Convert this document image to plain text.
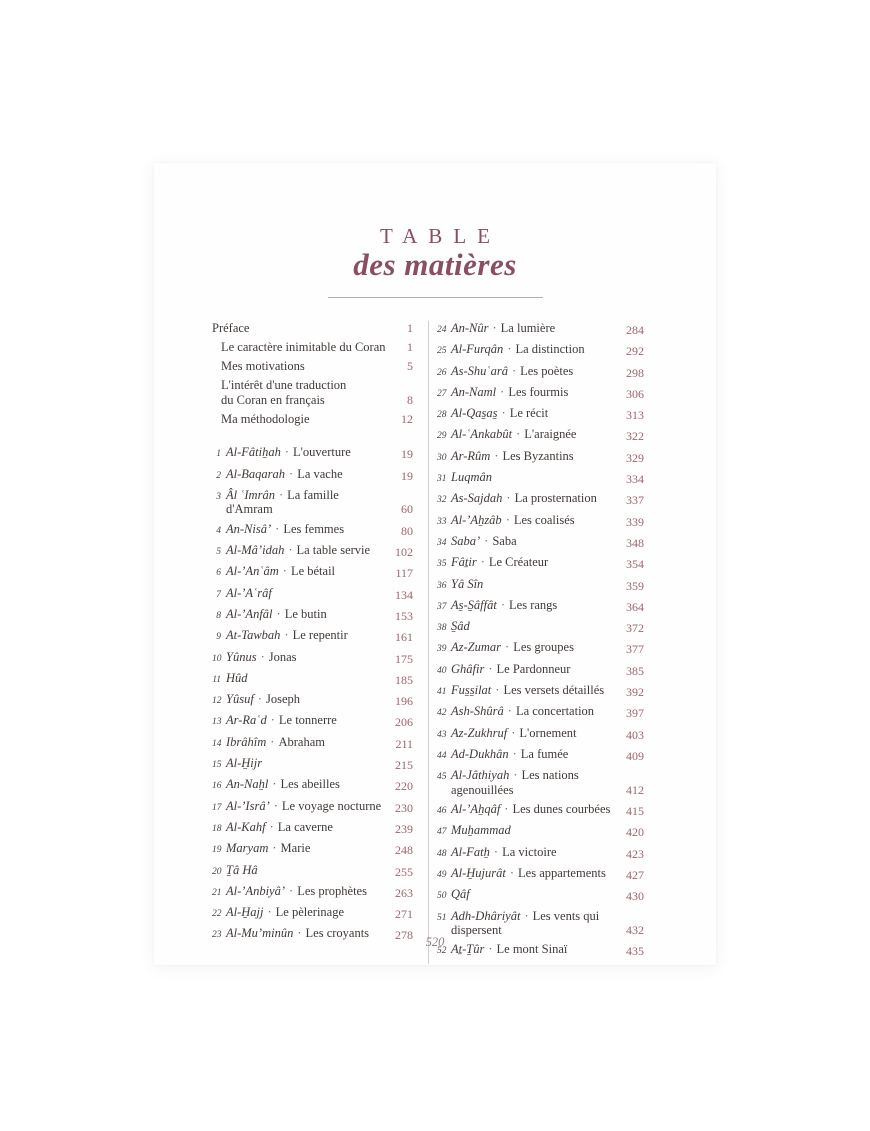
TABLE
des matières
Préface	1
Le caractère inimitable du Coran	1
Mes motivations	5
L'intérêt d'une traduction
du Coran en français	8
Ma méthodologie	12
1 Al-Fâtiẖah · L'ouverture	19
2 Al-Baqarah · La vache	19
3 Âl ʿImrân · La famille
d'Amram	60
4 An-Nisâ’ · Les femmes	80
5 Al-Mâ’idah · La table servie	102
6 Al-’Anʿâm · Le bétail	117
7 Al-’Aʿrâf	134
8 Al-’Anfâl · Le butin	153
9 At-Tawbah · Le repentir	161
10 Yûnus · Jonas	175
11 Hûd	185
12 Yûsuf · Joseph	196
13 Ar-Raʿd · Le tonnerre	206
14 Ibrâhîm · Abraham	211
15 Al-H̱ijr	215
16 An-Naẖl · Les abeilles	220
17 Al-’Isrâ’ · Le voyage nocturne	230
18 Al-Kahf · La caverne	239
19 Maryam · Marie	248
20 Ṯâ Hâ	255
21 Al-’Anbiyâ’ · Les prophètes	263
22 Al-H̱ajj · Le pèlerinage	271
23 Al-Mu’minûn · Les croyants	278
24 An-Nûr · La lumière	284
25 Al-Furqân · La distinction	292
26 As-Shuʿarâ · Les poètes	298
27 An-Naml · Les fourmis	306
28 Al-Qas̱as̱ · Le récit	313
29 Al-ʿAnkabût · L'araignée	322
30 Ar-Rûm · Les Byzantins	329
31 Luqmân	334
32 As-Sajdah · La prosternation	337
33 Al-’Aẖzâb · Les coalisés	339
34 Saba’ · Saba	348
35 Fâṯir · Le Créateur	354
36 Yâ Sîn	359
37 As̱-S̱âffât · Les rangs	364
38 S̱âd	372
39 Az-Zumar · Les groupes	377
40 Ghâfir · Le Pardonneur	385
41 Fus̱s̱ilat · Les versets détaillés	392
42 Ash-Shûrâ · La concertation	397
43 Az-Zukhruf · L'ornement	403
44 Ad-Dukhân · La fumée	409
45 Al-Jâthiyah · Les nations
agenouillées	412
46 Al-’Aẖqâf · Les dunes courbées	415
47 Muẖammad	420
48 Al-Fatẖ · La victoire	423
49 Al-H̱ujurât · Les appartements	427
50 Qâf	430
51 Adh-Dhâriyât · Les vents qui
dispersent	432
52 Aṯ-Ṯûr · Le mont Sinaï	435
520
